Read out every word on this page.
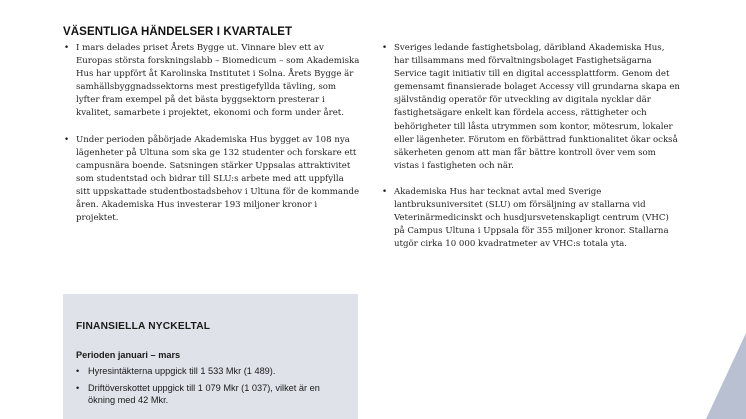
VÄSENTLIGA HÄNDELSER I KVARTALET
• I mars delades priset Årets Bygge ut. Vinnare blev ett av Europas största forskningslabb – Biomedicum – som Akademiska Hus har uppfört åt Karolinska Institutet i Solna. Årets Bygge är samhällsbyggnadssektorns mest prestigefyllda tävling, som lyfter fram exempel på det bästa byggsektorn presterar i kvalitet, samarbete i projektet, ekonomi och form under året.
• Under perioden påbörjade Akademiska Hus bygget av 108 nya lägenheter på Ultuna som ska ge 132 studenter och forskare ett campusnära boende. Satsningen stärker Uppsalas attraktivitet som studentstad och bidrar till SLU:s arbete med att uppfylla sitt uppskattade studentbostadsbehov i Ultuna för de kommande åren. Akademiska Hus investerar 193 miljoner kronor i projektet.
• Sveriges ledande fastighetsbolag, däribland Akademiska Hus, har tillsammans med förvaltningsbolaget Fastighetsägarna Service tagit initiativ till en digital accessplattform. Genom det gemensamt finansierade bolaget Accessy vill grundarna skapa en självständig operatör för utveckling av digitala nycklar där fastighetsägare enkelt kan fördela access, rättigheter och behörigheter till låsta utrymmen som kontor, mötesrum, lokaler eller lägenheter. Förutom en förbättrad funktionalitet ökar också säkerheten genom att man får bättre kontroll över vem som vistas i fastigheten och när.
• Akademiska Hus har tecknat avtal med Sverige lantbruksuniversitet (SLU) om försäljning av stallarna vid Veterinärmedicinskt och husdjursvetenskapligt centrum (VHC) på Campus Ultuna i Uppsala för 355 miljoner kronor. Stallarna utgör cirka 10 000 kvadratmeter av VHC:s totala yta.
FINANSIELLA NYCKELTAL

Perioden januari – mars

• Hyresintäkterna uppgick till 1 533 Mkr (1 489).
• Driftöverskottet uppgick till 1 079 Mkr (1 037), vilket är en ökning med 42 Mkr.
